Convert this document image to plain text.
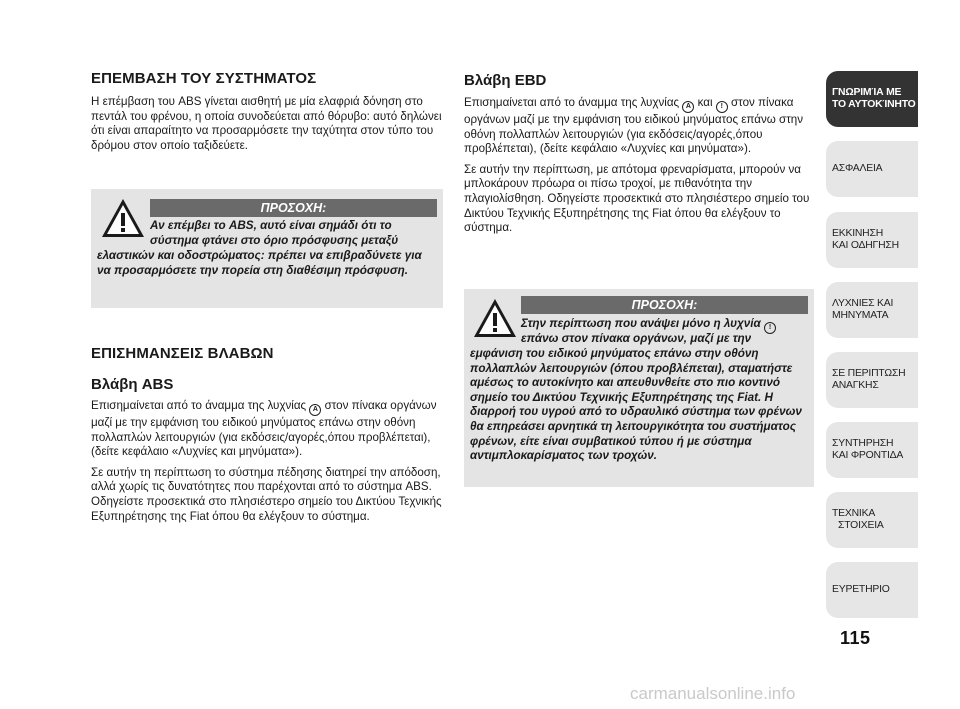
ΕΠΕΜΒΑΣΗ ΤΟΥ ΣΥΣΤΗΜΑΤΟΣ

Η επέμβαση του ABS γίνεται αισθητή με μία ελαφριά δόνηση στο πεντάλ του φρένου, η οποία συνοδεύεται από θόρυβο: αυτό δηλώνει ότι είναι απαραίτητο να προσαρμόσετε την ταχύτητα στον τύπο του δρόμου στον οποίο ταξιδεύετε.

ΠΡΟΣΟΧΗ:
Αν επέμβει το ABS, αυτό είναι σημάδι ότι το
σύστημα φτάνει στο όριο πρόσφυσης μεταξύ
ελαστικών και οδοστρώματος: πρέπει να επιβραδύνετε για να προσαρμόσετε την πορεία στη διαθέσιμη πρόσφυση.

ΕΠΙΣΗΜΑΝΣΕΙΣ ΒΛΑΒΩΝ

Βλάβη ABS

Επισημαίνεται από το άναμμα της λυχνίας A στον πίνακα οργάνων μαζί με την εμφάνιση του ειδικού μηνύματος επάνω στην οθόνη πολλαπλών λειτουργιών (για εκδόσεις/αγορές,όπου προβλέπεται), (δείτε κεφάλαιο «Λυχνίες και μηνύματα»).

Σε αυτήν τη περίπτωση το σύστημα πέδησης διατηρεί την απόδοση, αλλά χωρίς τις δυνατότητες που παρέχονται από το σύστημα ABS. Οδηγείστε προσεκτικά στο πλησιέστερο σημείο του Δικτύου Τεχνικής Εξυπηρέτησης της Fiat όπου θα ελέγξουν το σύστημα.

Βλάβη EBD

Επισημαίνεται από το άναμμα της λυχνίας A και ! στον πίνακα οργάνων μαζί με την εμφάνιση του ειδικού μηνύματος επάνω στην οθόνη πολλαπλών λειτουργιών (για εκδόσεις/αγορές,όπου προβλέπεται), (δείτε κεφάλαιο «Λυχνίες και μηνύματα»).

Σε αυτήν την περίπτωση, με απότομα φρεναρίσματα, μπορούν να μπλοκάρουν πρόωρα οι πίσω τροχοί, με πιθανότητα την πλαγιολίσθηση. Οδηγείστε προσεκτικά στο πλησιέστερο σημείο του Δικτύου Τεχνικής Εξυπηρέτησης της Fiat όπου θα ελέγξουν το σύστημα.

ΠΡΟΣΟΧΗ:
Στην περίπτωση που ανάψει μόνο η λυχνία !
επάνω στον πίνακα οργάνων, μαζί με την
εμφάνιση του ειδικού μηνύματος επάνω στην οθόνη πολλαπλών λειτουργιών (όπου προβλέπεται), σταματήστε αμέσως το αυτοκίνητο και απευθυνθείτε στο πιο κοντινό σημείο του Δικτύου Τεχνικής Εξυπηρέτησης της Fiat. Η διαρροή του υγρού από το υδραυλικό σύστημα των φρένων θα επηρεάσει αρνητικά τη λειτουργικότητα του συστήματος φρένων, είτε είναι συμβατικού τύπου ή με σύστημα αντιμπλοκαρίσματος των τροχών.
ΓΝΩΡΙΜΊΑ ΜΕ
ΤΟ ΑΥΤΟΚΊΝΗΤΟ
ΑΣΦΑΛΕΙΑ
ΕΚΚΙΝΗΣΗ
ΚΑΙ ΟΔΗΓΗΣΗ
ΛΥΧΝΙΕΣ ΚΑΙ
ΜΗΝΥΜΑΤΑ
ΣΕ ΠΕΡΙΠΤΩΣΗ
ΑΝΑΓΚΗΣ
ΣΥΝΤΗΡΗΣΗ
ΚΑΙ ΦΡΟΝΤΙΔΑ
ΤΕΧΝΙΚΑ
ΣΤΟΙΧΕΙΑ
ΕΥΡΕΤΗΡΙΟ
115
carmanualsonline.info
